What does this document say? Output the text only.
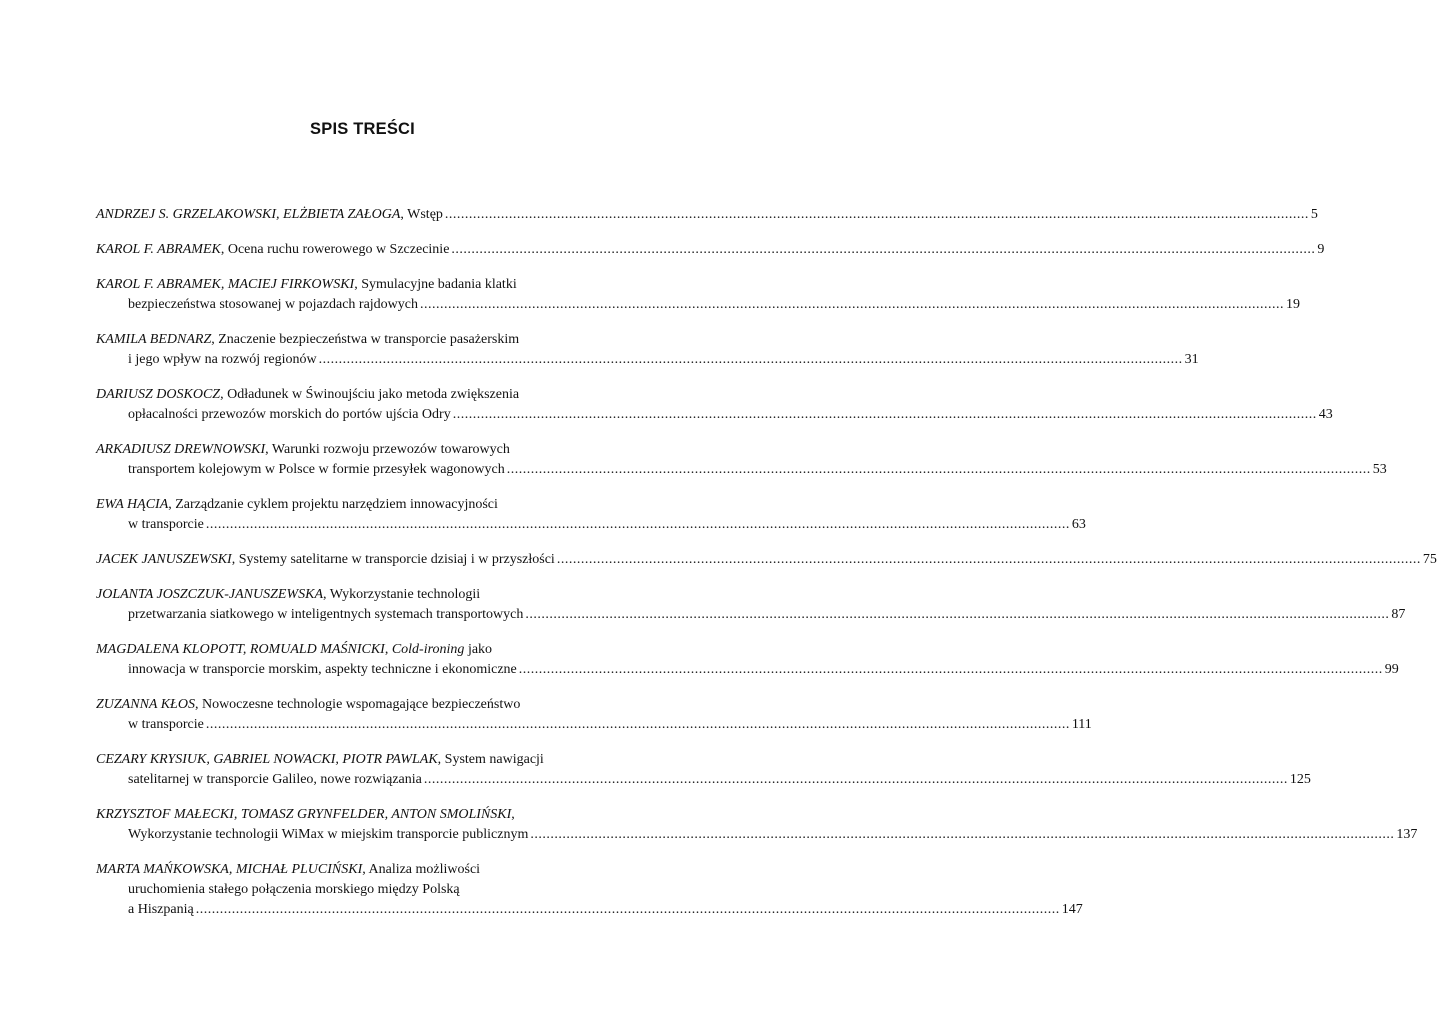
SPIS TREŚCI
ANDRZEJ S. GRZELAKOWSKI, ELŻBIETA ZAŁOGA, Wstęp .....	5
KAROL F. ABRAMEK, Ocena ruchu rowerowego w Szczecinie .....	9
KAROL F. ABRAMEK, MACIEJ FIRKOWSKI, Symulacyjne badania klatki
bezpieczeństwa stosowanej w pojazdach rajdowych .....	19
KAMILA BEDNARZ, Znaczenie bezpieczeństwa w transporcie pasażerskim
i jego wpływ na rozwój regionów .....	31
DARIUSZ DOSKOCZ, Odładunek w Świnoujściu jako metoda zwiększenia
opłacalności przewozów morskich do portów ujścia Odry .....	43
ARKADIUSZ DREWNOWSKI, Warunki rozwoju przewozów towarowych
transportem kolejowym w Polsce w formie przesyłek wagonowych .....	53
EWA HĄCIA, Zarządzanie cyklem projektu narzędziem innowacyjności
w transporcie .....	63
JACEK JANUSZEWSKI, Systemy satelitarne w transporcie dzisiaj i w przyszłości .....	75
JOLANTA JOSZCZUK-JANUSZEWSKA, Wykorzystanie technologii
przetwarzania siatkowego w inteligentnych systemach transportowych .....	87
MAGDALENA KLOPOTT, ROMUALD MAŚNICKI, Cold-ironing jako
innowacja w transporcie morskim, aspekty techniczne i ekonomiczne .....	99
ZUZANNA KŁOS, Nowoczesne technologie wspomagające bezpieczeństwo
w transporcie .....	111
CEZARY KRYSIUK, GABRIEL NOWACKI, PIOTR PAWLAK, System nawigacji
satelitarnej w transporcie Galileo, nowe rozwiązania .....	125
KRZYSZTOF MAŁECKI, TOMASZ GRYNFELDER, ANTON SMOLIŃSKI,
Wykorzystanie technologii WiMax w miejskim transporcie publicznym .....	137
MARTA MAŃKOWSKA, MICHAŁ PLUCIŃSKI, Analiza możliwości
uruchomienia stałego połączenia morskiego między Polską
a Hiszpanią .....	147
